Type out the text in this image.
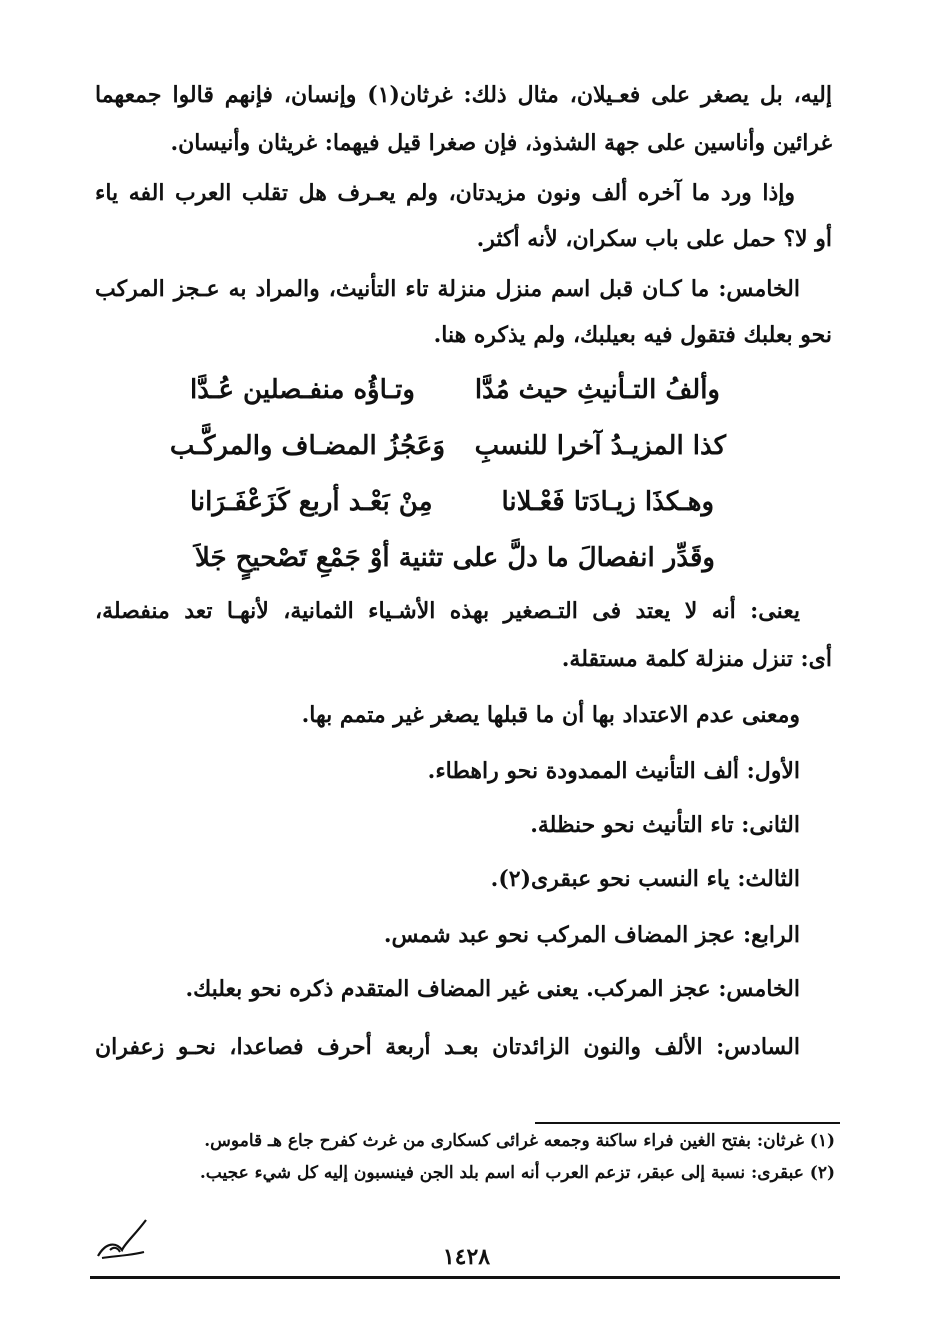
إليه، بل يصغر على فعـيلان، مثال ذلك: غرثان(١) وإنسان، فإنهم قالوا جمعهما
غرائين وأناسين على جهة الشذوذ، فإن صغرا قيل فيهما: غريثان وأنيسان.
وإذا ورد ما آخره ألف ونون مزيدتان، ولم يعـرف هل تقلب العرب الفه ياء
أو لا؟ حمل على باب سكران، لأنه أكثر.
الخامس: ما كـان قبل اسم منزل منزلة تاء التأنيث، والمراد به عـجز المركب
نحو بعلبك فتقول فيه بعيلبك، ولم يذكره هنا.
وألفُ التـأنيثِ حيث مُدَّا
وتـاؤُه منفـصلين عُـدَّا
كذا المزيـدُ آخرا للنسبِ
وَعَجُزُ المضـاف والمركَّـب
وهـكذَا زيـادَتا فَعْـلانا
مِنْ بَعْـد أربع كَزَعْفَـرَانا
وقَدِّر انفصالَ ما دلَّ على
تثنية أوْ جَمْعِ تَصْحيحٍ جَلاَ
يعنى: أنه لا يعتد فى التـصغير بهذه الأشـياء الثمانية، لأنهـا تعد منفصلة،
أى: تنزل منزلة كلمة مستقلة.
ومعنى عدم الاعتداد بها أن ما قبلها يصغر غير متمم بها.
الأول: ألف التأنيث الممدودة نحو راهطاء.
الثانى: تاء التأنيث نحو حنظلة.
الثالث: ياء النسب نحو عبقرى(٢).
الرابع: عجز المضاف المركب نحو عبد شمس.
الخامس: عجز المركب. يعنى غير المضاف المتقدم ذكره نحو بعلبك.
السادس: الألف والنون الزائدتان بعـد أربعة أحرف فصاعدا، نحـو زعفران
(١) غرثان: بفتح الغين فراء ساكنة وجمعه غرائى كسكارى من غرث كفرح جاع هـ قاموس.
(٢) عبقرى: نسبة إلى عبقر، تزعم العرب أنه اسم بلد الجن فينسبون إليه كل شيء عجيب.
١٤٢٨
